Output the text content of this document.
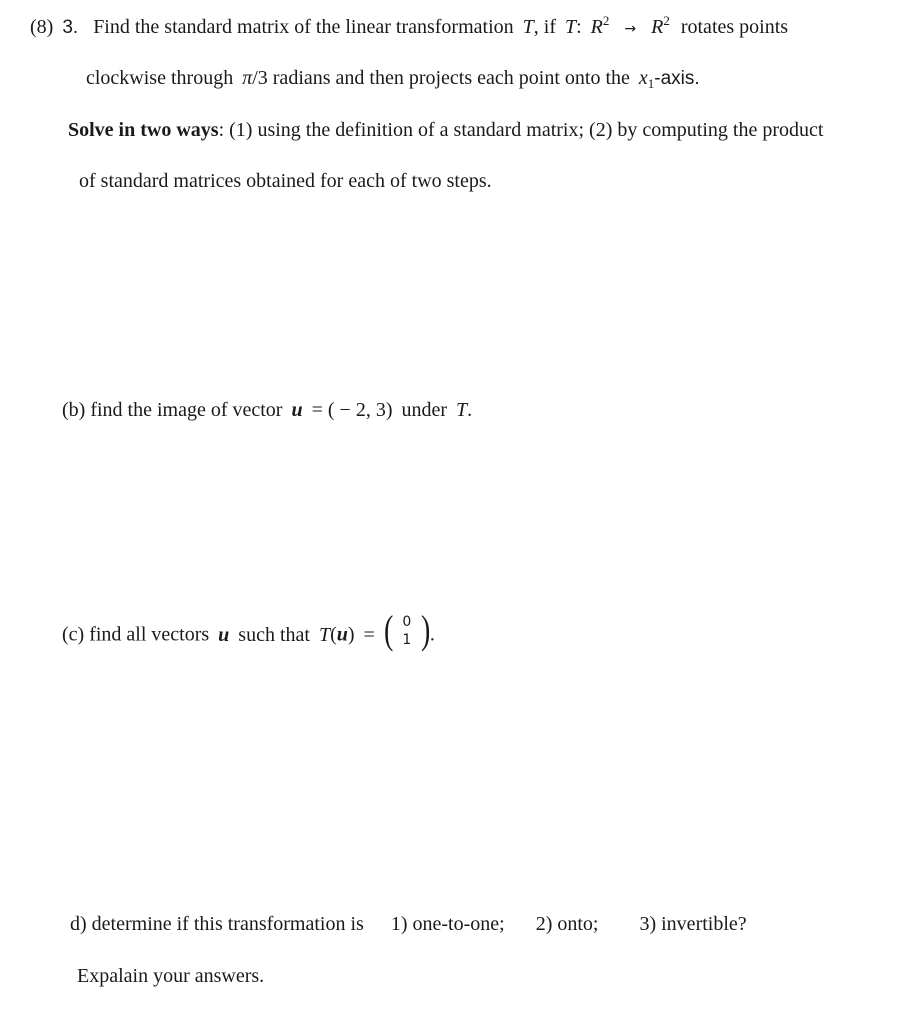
(8) 3. Find the standard matrix of the linear transformation T, if T: $R^2 \to R^2$ rotates points
clockwise through π/3 radians and then projects each point onto the $x_1$-axis.
Solve in two ways: (1) using the definition of a standard matrix; (2) by computing the product
of standard matrices obtained for each of two steps.
(b) find the image of vector u = ( − 2, 3) under T.
(c) find all vectors u such that T(u) = ( 0
1 ) .
d) determine if this transformation is 1) one-to-one; 2) onto; 3) invertible?
Expalain your answers.
